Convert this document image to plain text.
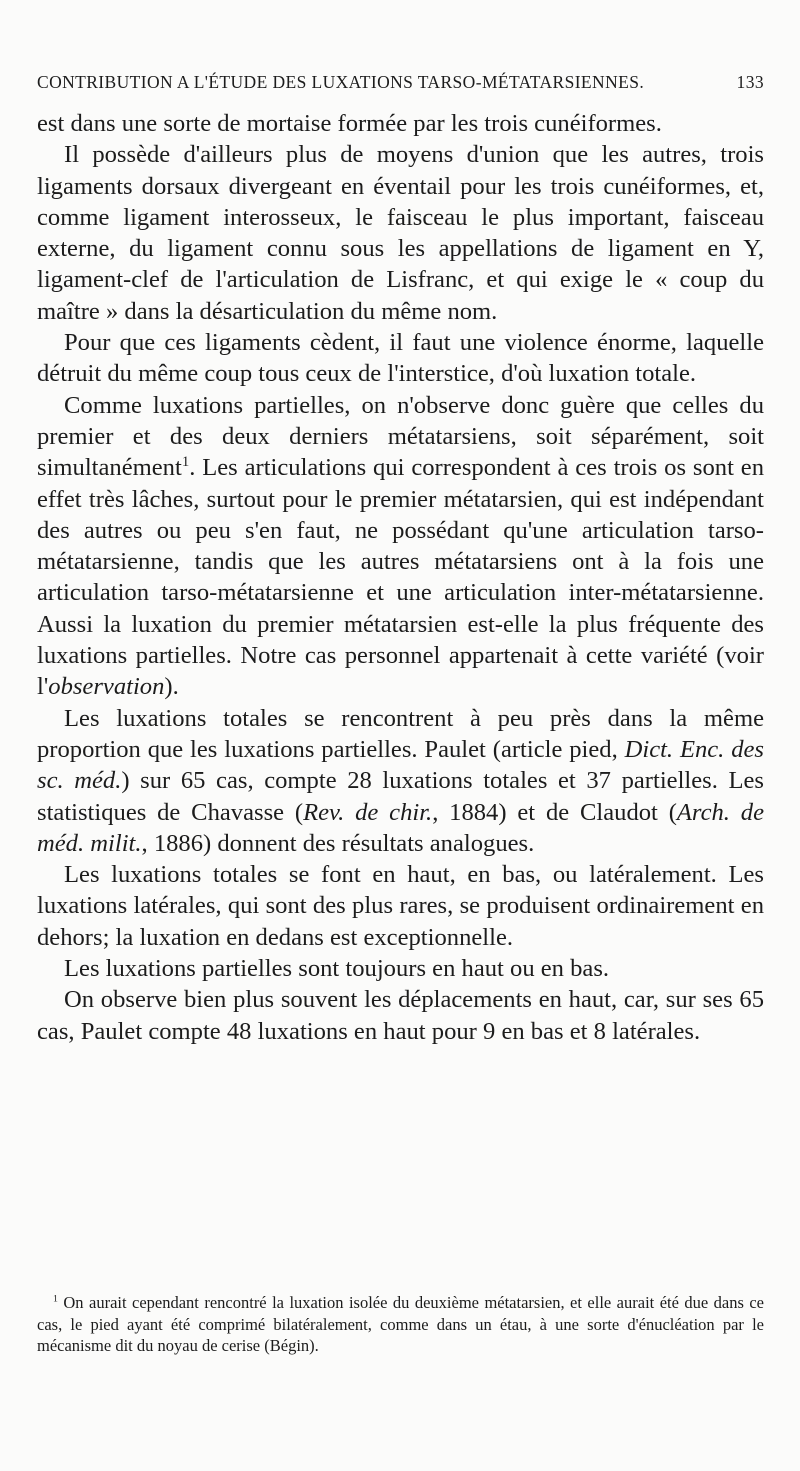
CONTRIBUTION A L'ÉTUDE DES LUXATIONS TARSO-MÉTATARSIENNES.	133

est dans une sorte de mortaise formée par les trois cunéiformes.

Il possède d'ailleurs plus de moyens d'union que les autres, trois ligaments dorsaux divergeant en éventail pour les trois cunéiformes, et, comme ligament interosseux, le faisceau le plus important, faisceau externe, du ligament connu sous les appellations de ligament en Y, ligament-clef de l'articulation de Lisfranc, et qui exige le « coup du maître » dans la désarticulation du même nom.

Pour que ces ligaments cèdent, il faut une violence énorme, laquelle détruit du même coup tous ceux de l'interstice, d'où luxation totale.

Comme luxations partielles, on n'observe donc guère que celles du premier et des deux derniers métatarsiens, soit séparément, soit simultanément$^1$. Les articulations qui correspondent à ces trois os sont en effet très lâches, surtout pour le premier métatarsien, qui est indépendant des autres ou peu s'en faut, ne possédant qu'une articulation tarso-métatarsienne, tandis que les autres métatarsiens ont à la fois une articulation tarso-métatarsienne et une articulation inter-métatarsienne. Aussi la luxation du premier métatarsien est-elle la plus fréquente des luxations partielles. Notre cas personnel appartenait à cette variété (voir l'observation).

Les luxations totales se rencontrent à peu près dans la même proportion que les luxations partielles. Paulet (article pied, Dict. Enc. des sc. méd.) sur 65 cas, compte 28 luxations totales et 37 partielles. Les statistiques de Chavasse (Rev. de chir., 1884) et de Claudot (Arch. de méd. milit., 1886) donnent des résultats analogues.

Les luxations totales se font en haut, en bas, ou latéralement. Les luxations latérales, qui sont des plus rares, se produisent ordinairement en dehors; la luxation en dedans est exceptionnelle.

Les luxations partielles sont toujours en haut ou en bas.

On observe bien plus souvent les déplacements en haut, car, sur ses 65 cas, Paulet compte 48 luxations en haut pour 9 en bas et 8 latérales.

$^1$ On aurait cependant rencontré la luxation isolée du deuxième métatarsien, et elle aurait été due dans ce cas, le pied ayant été comprimé bilatéralement, comme dans un étau, à une sorte d'énucléation par le mécanisme dit du noyau de cerise (Bégin).
